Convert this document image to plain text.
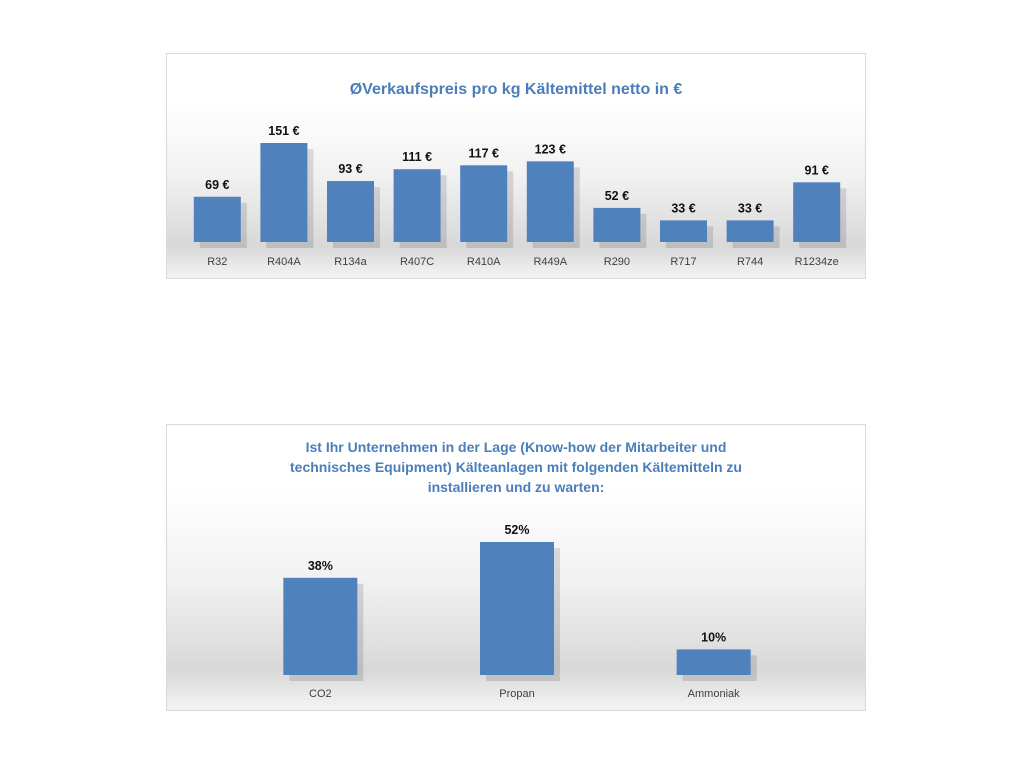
ØVerkaufspreis pro kg Kältemittel netto in €
69 €
R32
151 €
R404A
93 €
R134a
111 €
R407C
117 €
R410A
123 €
R449A
52 €
R290
33 €
R717
33 €
R744
91 €
R1234ze
Ist Ihr Unternehmen in der Lage (Know-how der Mitarbeiter und technisches Equipment) Kälteanlagen mit folgenden Kältemitteln zu installieren und zu warten:
38%
CO2
52%
Propan
10%
Ammoniak
